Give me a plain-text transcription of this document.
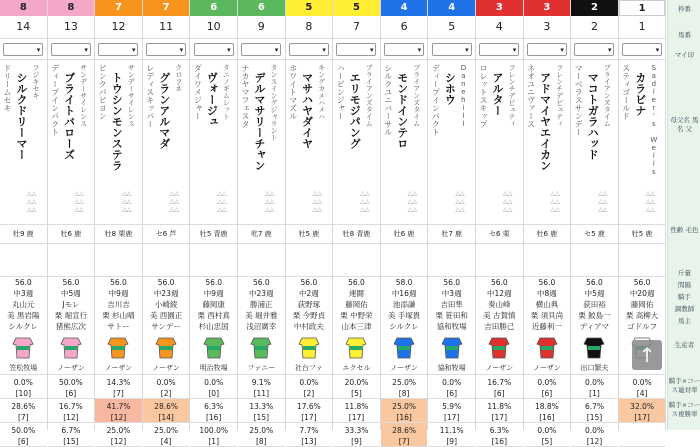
8
14
▾
ドリームセキ シルクドリーマー フジキセキ
△△
△△
△△
牡9 鹿
56.0
中3週
丸山元
美 黒岩陽
シルクレ
笠松牧場
0.0%
[10]
28.6%
[7]
50.0%
[6]
8
13
▾
ディープインパクト ブライトバローズ サンデーサイレンス
△△
△△
△△
牡6 鹿
56.0
中5週
Jモレ
栗 堀宣行
猪熊広次
ノーザン
50.0%
[6]
16.7%
[12]
6.7%
[15]
7
12
▾
ピンクパピヨン トウシンモンステラ サンデーサイレンス
△△
△△
△△
牡8 栗鹿
56.0
中9週
吉川吉
栗 杉山晴
サトー
ノーザン
14.3%
[7]
41.7%
[12]
25.0%
[12]
7
11
▾
レディスキッパー グランアルマダ クロフネ
△△
△△
△△
セ6 芦
56.0
中23週
小崎綾
美 西園正
サンデー
ノーザン
0.0%
[2]
28.6%
[14]
25.0%
[4]
6
10
▾
ダイワメジャー ヴォージュ タニノギムレット
△△
△△
△△
牡5 青鹿
56.0
中9週
藤岡康
栗 西村真
杉山忠国
明治牧場
0.0%
[0]
6.3%
[16]
100.0%
[1]
6
9
▾
ナカヤマフェスタ デルマサリーチャン タンスイングジャラント
△△
△△
△△
牝7 鹿
56.0
中23週
勝浦正
美 堀井雅
浅沼廣幸
ファニー
9.1%
[11]
13.3%
[15]
25.0%
[8]
5
8
▾
ホワイトマズル マサハヤダイヤ キングカメハメハ
△△
△△
△△
牡5 鹿
56.0
中2週
荻野琢
栗 今野貞
中村政夫
社台ファ
0.0%
[2]
17.6%
[17]
7.7%
[13]
5
7
▾
ハービンジャー エリモジパング ブライアンズタイム
△△
△△
△△
牡8 青鹿
56.0
連闘
藤岡佑
栗 中野栄
山本三津
エクセル
20.0%
[5]
11.8%
[17]
33.3%
[9]
4
6
▾
シルクユニバーサル モンドインテロ ブライアンズタイム
△△
△△
△△
牡6 鹿
58.0
中16週
池添謙
美 手塚貴
シルクレ
ノーザン
25.0%
[8]
25.0%
[16]
28.6%
[7]
4
5
▾
ディープインパクト シホウ Danehill
△△
△△
△△
牡7 鹿
56.0
中3週
吉田隼
栗 笹田和
協和牧場
協和牧場
0.0%
[6]
5.9%
[17]
11.1%
[9]
3
4
▾
ロレットスキップ アルター フレンチデピュティ
△△
△△
△△
セ6 栗
56.0
中12週
奏山峰
美 古賀慎
吉田勝己
ノーザン
16.7%
[6]
11.8%
[17]
6.3%
[16]
3
3
▾
ネオユニヴァース アドマイヤエイカン フレンチデピュティ
△△
△△
△△
牡6 鹿
56.0
中8週
横山典
栗 須貝尚
近藤利一
ノーザン
0.0%
[6]
18.8%
[16]
0.0%
[5]
2
2
▾
マーベラスサンデー マコトガラハッド ブライアンズタイム
△△
△△
△△
セ5 鹿
56.0
中5週
荻田裕
栗 鮫島一
ディアマ
出口繁夫
0.0%
[1]
6.7%
[15]
0.0%
[12]
1
1
▾
スティゴールド カラビナ Sadler's Wells
△△
△△
△△
牡5 鹿
56.0
中20週
藤岡佑
栗 高柳大
ゴドルフ
0.0%
[4]
32.0%
[17]

枠番
馬番
マイ印
母父名 馬名 父
性齢 毛色
斤量
間隔
騎手
調教師
馬主
生産者
騎手×コース連対率
騎手×コース複勝率
↑
